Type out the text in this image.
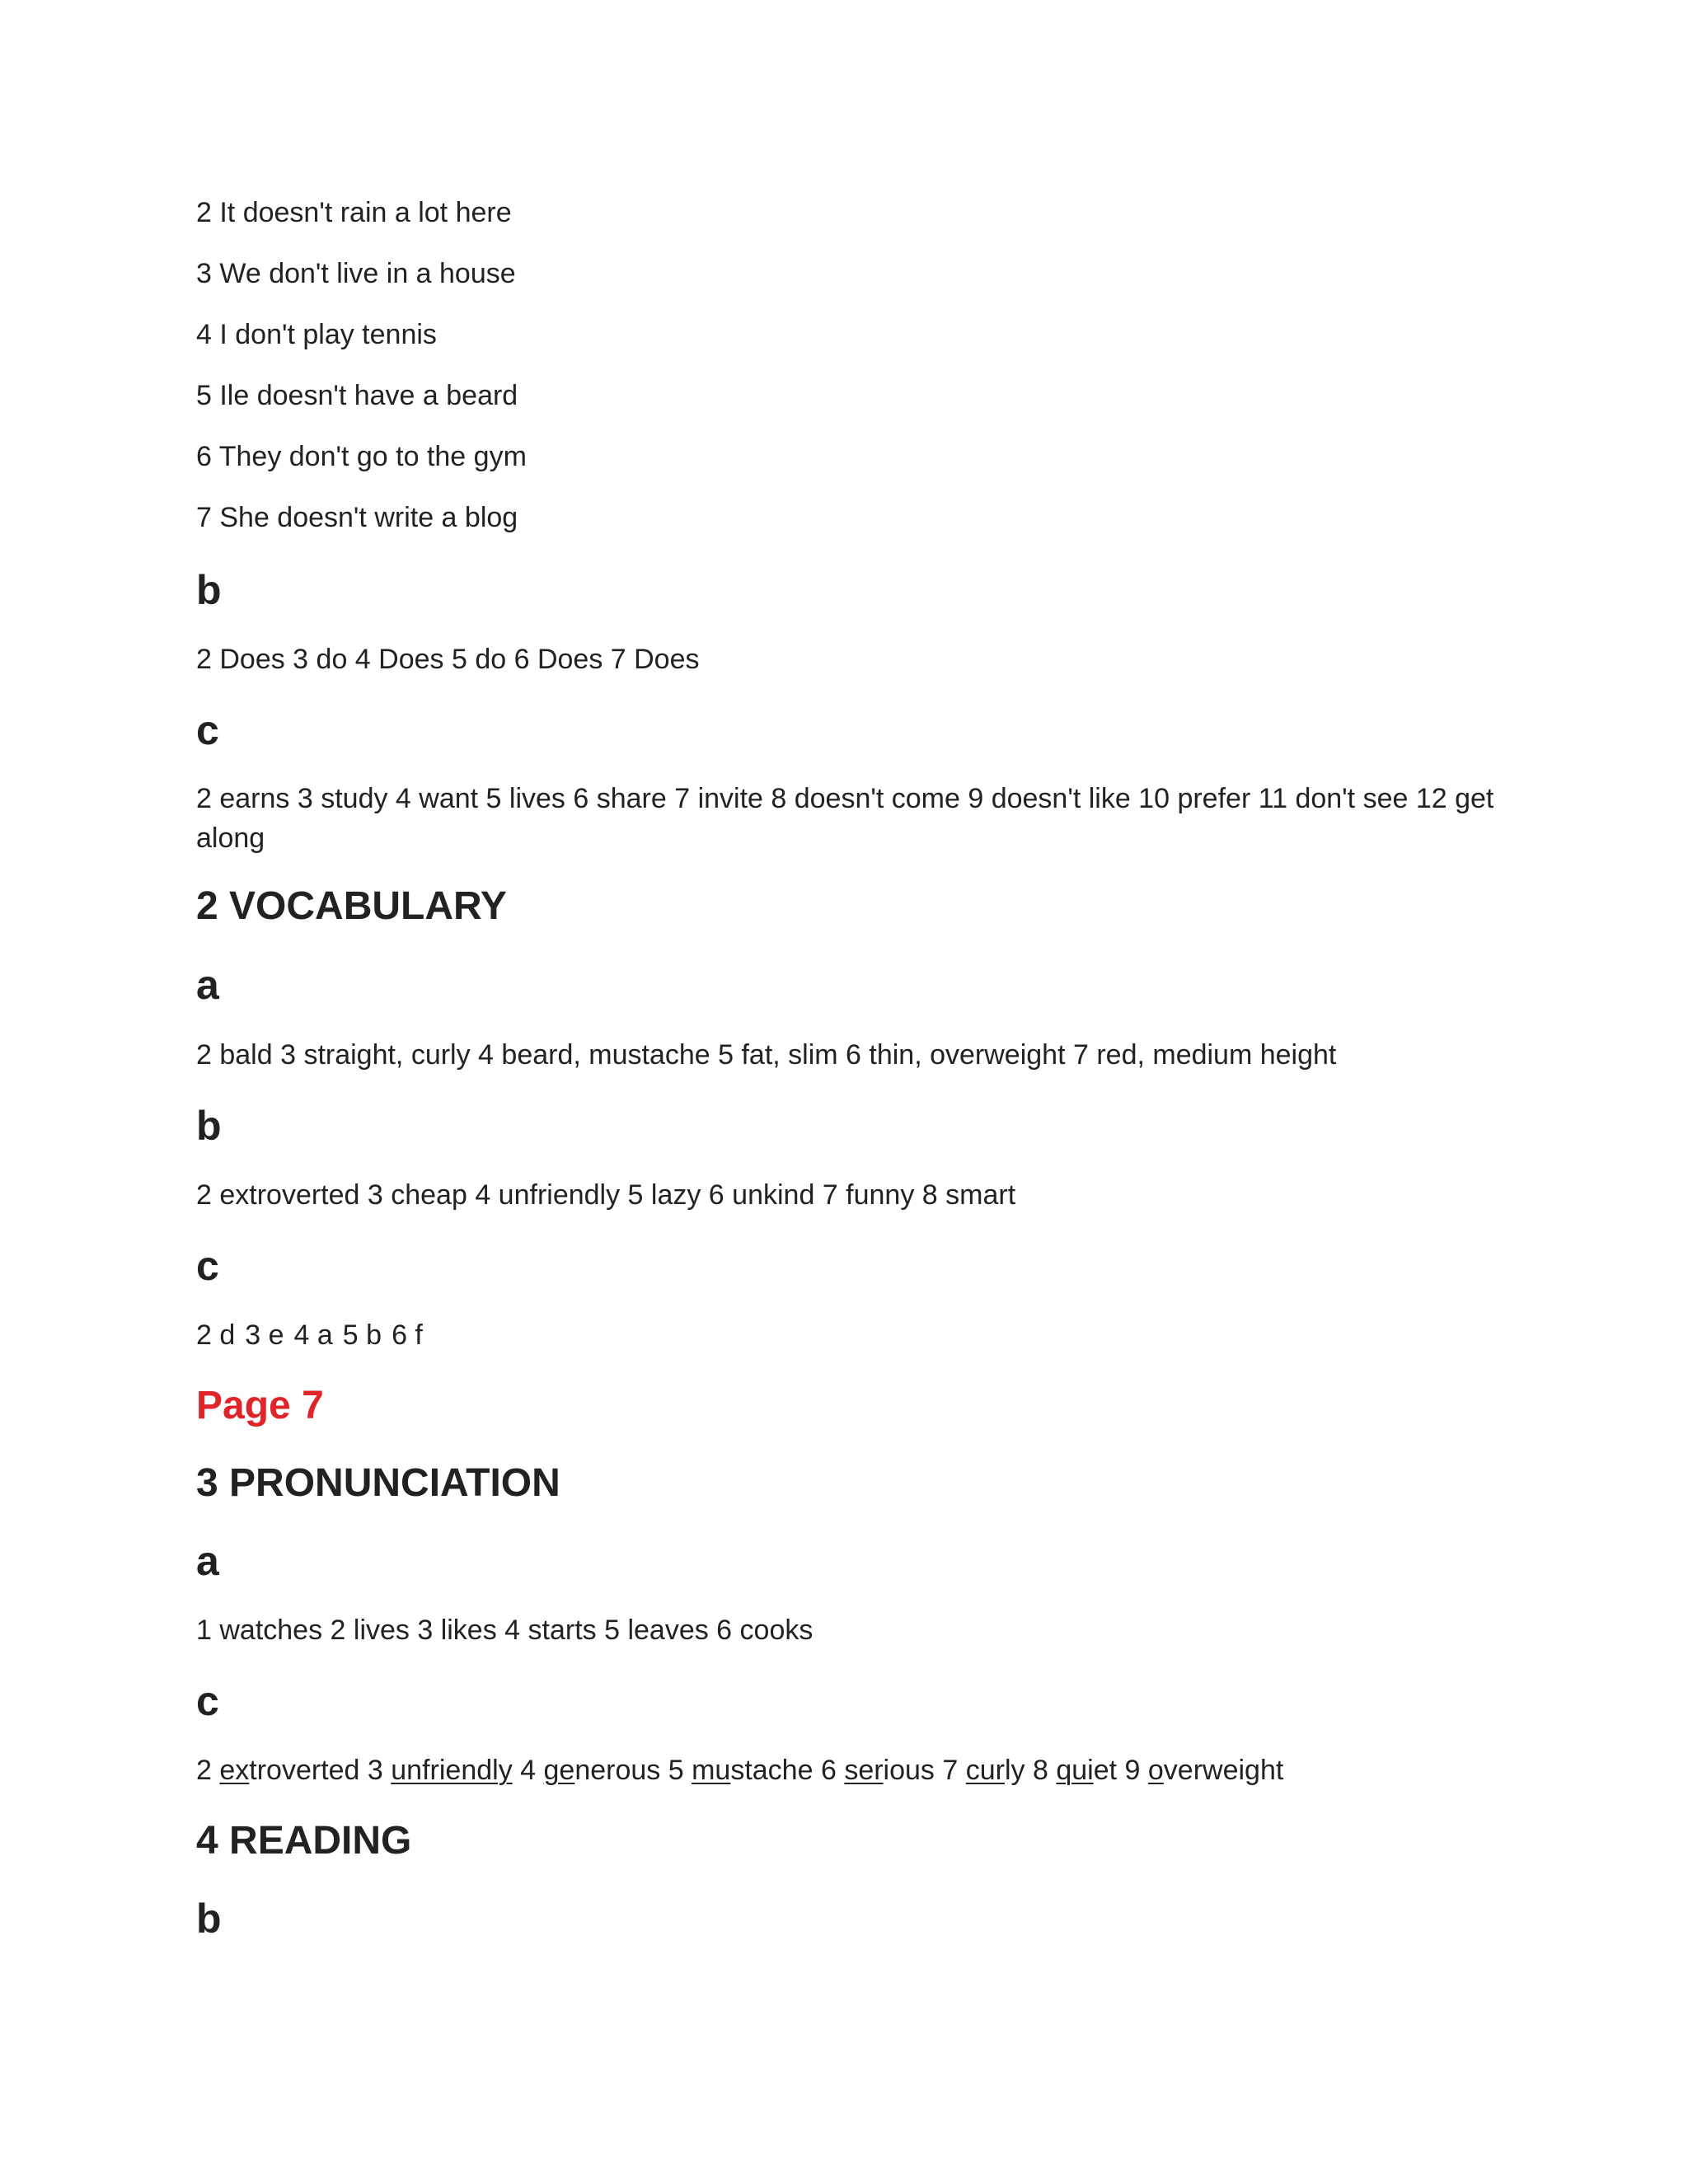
2 It doesn't rain a lot here

3 We don't live in a house

4 I don't play tennis

5 Ile doesn't have a beard

6 They don't go to the gym

7 She doesn't write a blog

b

2 Does 3 do 4 Does 5 do 6 Does 7 Does

c

2 earns 3 study 4 want 5 lives 6 share 7 invite 8 doesn't come 9 doesn't like 10 prefer 11 don't see 12 get along

2 VOCABULARY

a

2 bald 3 straight, curly 4 beard, mustache 5 fat, slim 6 thin, overweight 7 red, medium height

b

2 extroverted 3 cheap 4 unfriendly 5 lazy 6 unkind 7 funny 8 smart

c

2 d 3 e 4 a 5 b 6 f

Page 7

3 PRONUNCIATION

a

1 watches 2 lives 3 likes 4 starts 5 leaves 6 cooks

c

2 extroverted 3 unfriendly 4 generous 5 mustache 6 serious 7 curly 8 quiet 9 overweight

4 READING

b
